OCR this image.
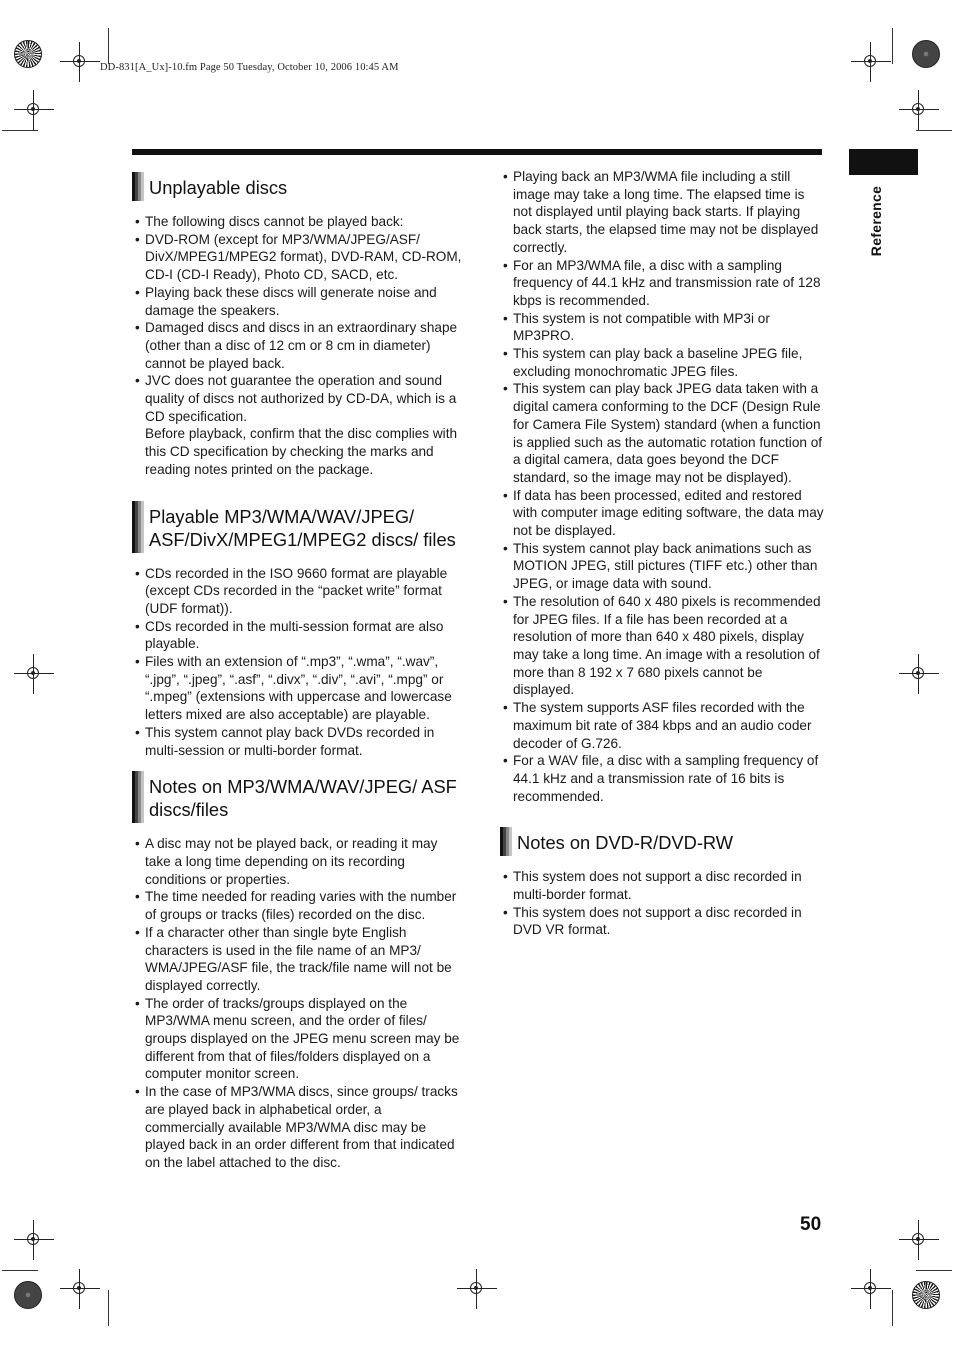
DD-831[A_Ux]-10.fm Page 50 Tuesday, October 10, 2006 10:45 AM
Reference
Unplayable discs
• The following discs cannot be played back:
• DVD-ROM (except for MP3/WMA/JPEG/ASF/ DivX/MPEG1/MPEG2 format), DVD-RAM, CD-ROM, CD-I (CD-I Ready), Photo CD, SACD, etc.
• Playing back these discs will generate noise and damage the speakers.
• Damaged discs and discs in an extraordinary shape (other than a disc of 12 cm or 8 cm in diameter) cannot be played back.
• JVC does not guarantee the operation and sound quality of discs not authorized by CD-DA, which is a CD specification.
Before playback, confirm that the disc complies with this CD specification by checking the marks and reading notes printed on the package.
Playable MP3/WMA/WAV/JPEG/ ASF/DivX/MPEG1/MPEG2 discs/ files
• CDs recorded in the ISO 9660 format are playable (except CDs recorded in the “packet write” format (UDF format)).
• CDs recorded in the multi-session format are also playable.
• Files with an extension of “.mp3”, “.wma”, “.wav”, “.jpg”, “.jpeg”, “.asf”, “.divx”, “.div”, “.avi”, “.mpg” or “.mpeg” (extensions with uppercase and lowercase letters mixed are also acceptable) are playable.
• This system cannot play back DVDs recorded in multi-session or multi-border format.
Notes on MP3/WMA/WAV/JPEG/ ASF discs/files
• A disc may not be played back, or reading it may take a long time depending on its recording conditions or properties.
• The time needed for reading varies with the number of groups or tracks (files) recorded on the disc.
• If a character other than single byte English characters is used in the file name of an MP3/ WMA/JPEG/ASF file, the track/file name will not be displayed correctly.
• The order of tracks/groups displayed on the MP3/WMA menu screen, and the order of files/ groups displayed on the JPEG menu screen may be different from that of files/folders displayed on a computer monitor screen.
• In the case of MP3/WMA discs, since groups/ tracks are played back in alphabetical order, a commercially available MP3/WMA disc may be played back in an order different from that indicated on the label attached to the disc.
• Playing back an MP3/WMA file including a still image may take a long time. The elapsed time is not displayed until playing back starts. If playing back starts, the elapsed time may not be displayed correctly.
• For an MP3/WMA file, a disc with a sampling frequency of 44.1 kHz and transmission rate of 128 kbps is recommended.
• This system is not compatible with MP3i or MP3PRO.
• This system can play back a baseline JPEG file, excluding monochromatic JPEG files.
• This system can play back JPEG data taken with a digital camera conforming to the DCF (Design Rule for Camera File System) standard (when a function is applied such as the automatic rotation function of a digital camera, data goes beyond the DCF standard, so the image may not be displayed).
• If data has been processed, edited and restored with computer image editing software, the data may not be displayed.
• This system cannot play back animations such as MOTION JPEG, still pictures (TIFF etc.) other than JPEG, or image data with sound.
• The resolution of 640 x 480 pixels is recommended for JPEG files. If a file has been recorded at a resolution of more than 640 x 480 pixels, display may take a long time. An image with a resolution of more than 8 192 x 7 680 pixels cannot be displayed.
• The system supports ASF files recorded with the maximum bit rate of 384 kbps and an audio coder decoder of G.726.
• For a WAV file, a disc with a sampling frequency of 44.1 kHz and a transmission rate of 16 bits is recommended.
Notes on DVD-R/DVD-RW
• This system does not support a disc recorded in multi-border format.
• This system does not support a disc recorded in DVD VR format.
50
